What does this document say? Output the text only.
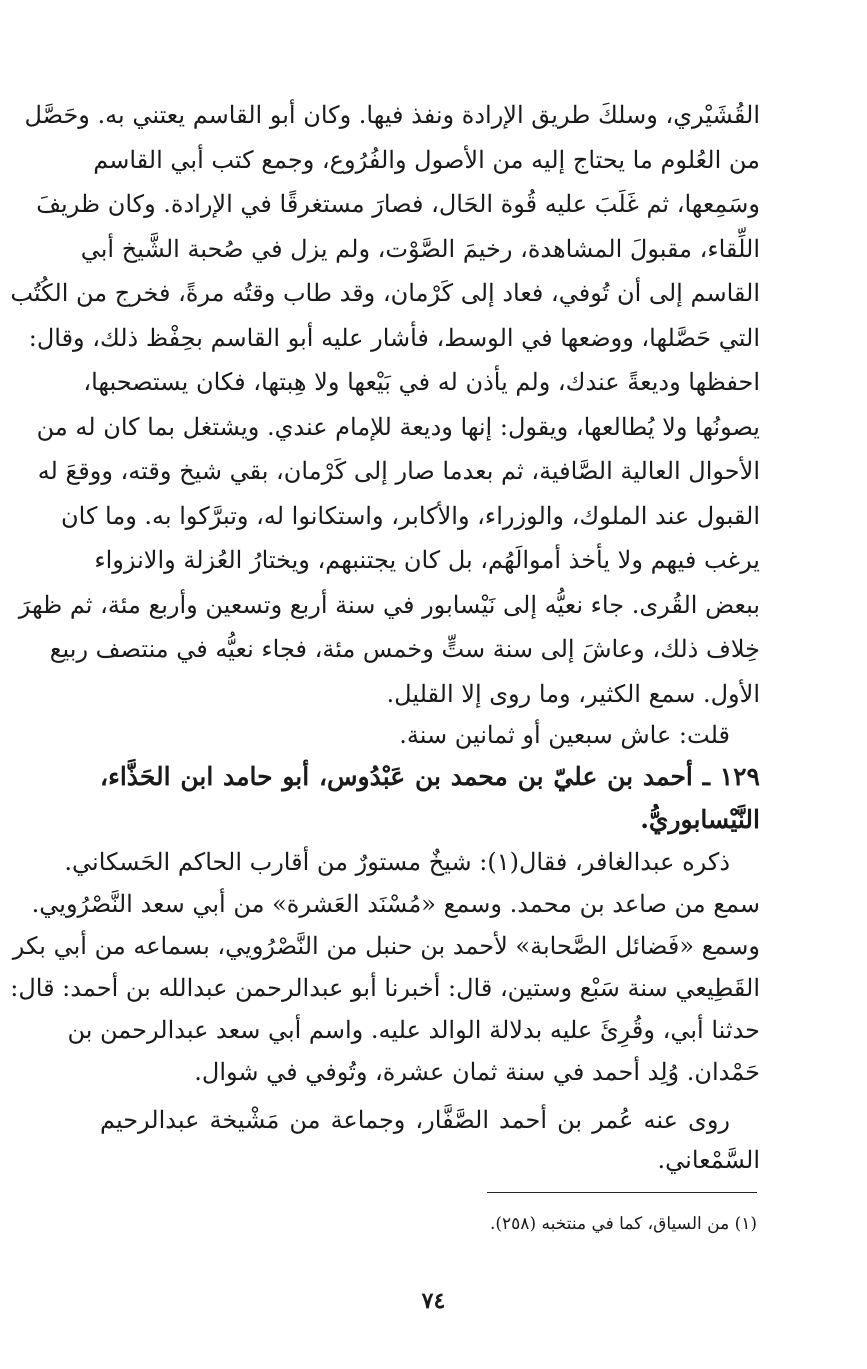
القُشَيْري، وسلكَ طريق الإرادة ونفذ فيها. وكان أبو القاسم يعتني به. وحَصَّل
من العُلوم ما يحتاج إليه من الأصول والفُرُوع، وجمع كتب أبي القاسم
وسَمِعها، ثم غَلَبَ عليه قُوة الحَال، فصارَ مستغرقًا في الإرادة. وكان ظريفَ
اللِّقاء، مقبولَ المشاهدة، رخيمَ الصَّوْت، ولم يزل في صُحبة الشَّيخ أبي
القاسم إلى أن تُوفي، فعاد إلى كَرْمان، وقد طاب وقتُه مرةً، فخرج من الكُتُب
التي حَصَّلها، ووضعها في الوسط، فأشار عليه أبو القاسم بحِفْظ ذلك، وقال:
احفظها وديعةً عندك، ولم يأذن له في بَيْعها ولا هِبتها، فكان يستصحبها،
يصونُها ولا يُطالعها، ويقول: إنها وديعة للإمام عندي. ويشتغل بما كان له من
الأحوال العالية الصَّافية، ثم بعدما صار إلى كَرْمان، بقي شيخ وقته، ووقعَ له
القبول عند الملوك، والوزراء، والأكابر، واستكانوا له، وتبرَّكوا به. وما كان
يرغب فيهم ولا يأخذ أموالَهُم، بل كان يجتنبهم، ويختارُ العُزلة والانزواء
ببعض القُرى. جاء نعيُّه إلى نَيْسابور في سنة أربع وتسعين وأربع مئة، ثم ظهرَ
خِلاف ذلك، وعاشَ إلى سنة ستٍّ وخمس مئة، فجاء نعيُّه في منتصف ربيع
الأول. سمع الكثير، وما روى إلا القليل.
قلت: عاش سبعين أو ثمانين سنة.
١٢٩ ـ أحمد بن عليّ بن محمد بن عَبْدُوس، أبو حامد ابن الحَذَّاء،
النَّيْسابوريُّ.
ذكره عبدالغافر، فقال(١): شيخٌ مستورٌ من أقارب الحاكم الحَسكاني.
سمع من صاعد بن محمد. وسمع «مُسْنَد العَشرة» من أبي سعد النَّصْرُويي.
وسمع «فَضائل الصَّحابة» لأحمد بن حنبل من النَّصْرُويي، بسماعه من أبي بكر
القَطِيعي سنة سَبْع وستين، قال: أخبرنا أبو عبدالرحمن عبدالله بن أحمد: قال:
حدثنا أبي، وقُرِئَ عليه بدلالة الوالد عليه. واسم أبي سعد عبدالرحمن بن
حَمْدان. وُلِد أحمد في سنة ثمان عشرة، وتُوفي في شوال.
روى عنه عُمر بن أحمد الصَّفَّار، وجماعة من مَشْيخة عبدالرحيم
(١) من السياق، كما في منتخبه (٢٥٨).
٧٤
السَّمْعاني.
